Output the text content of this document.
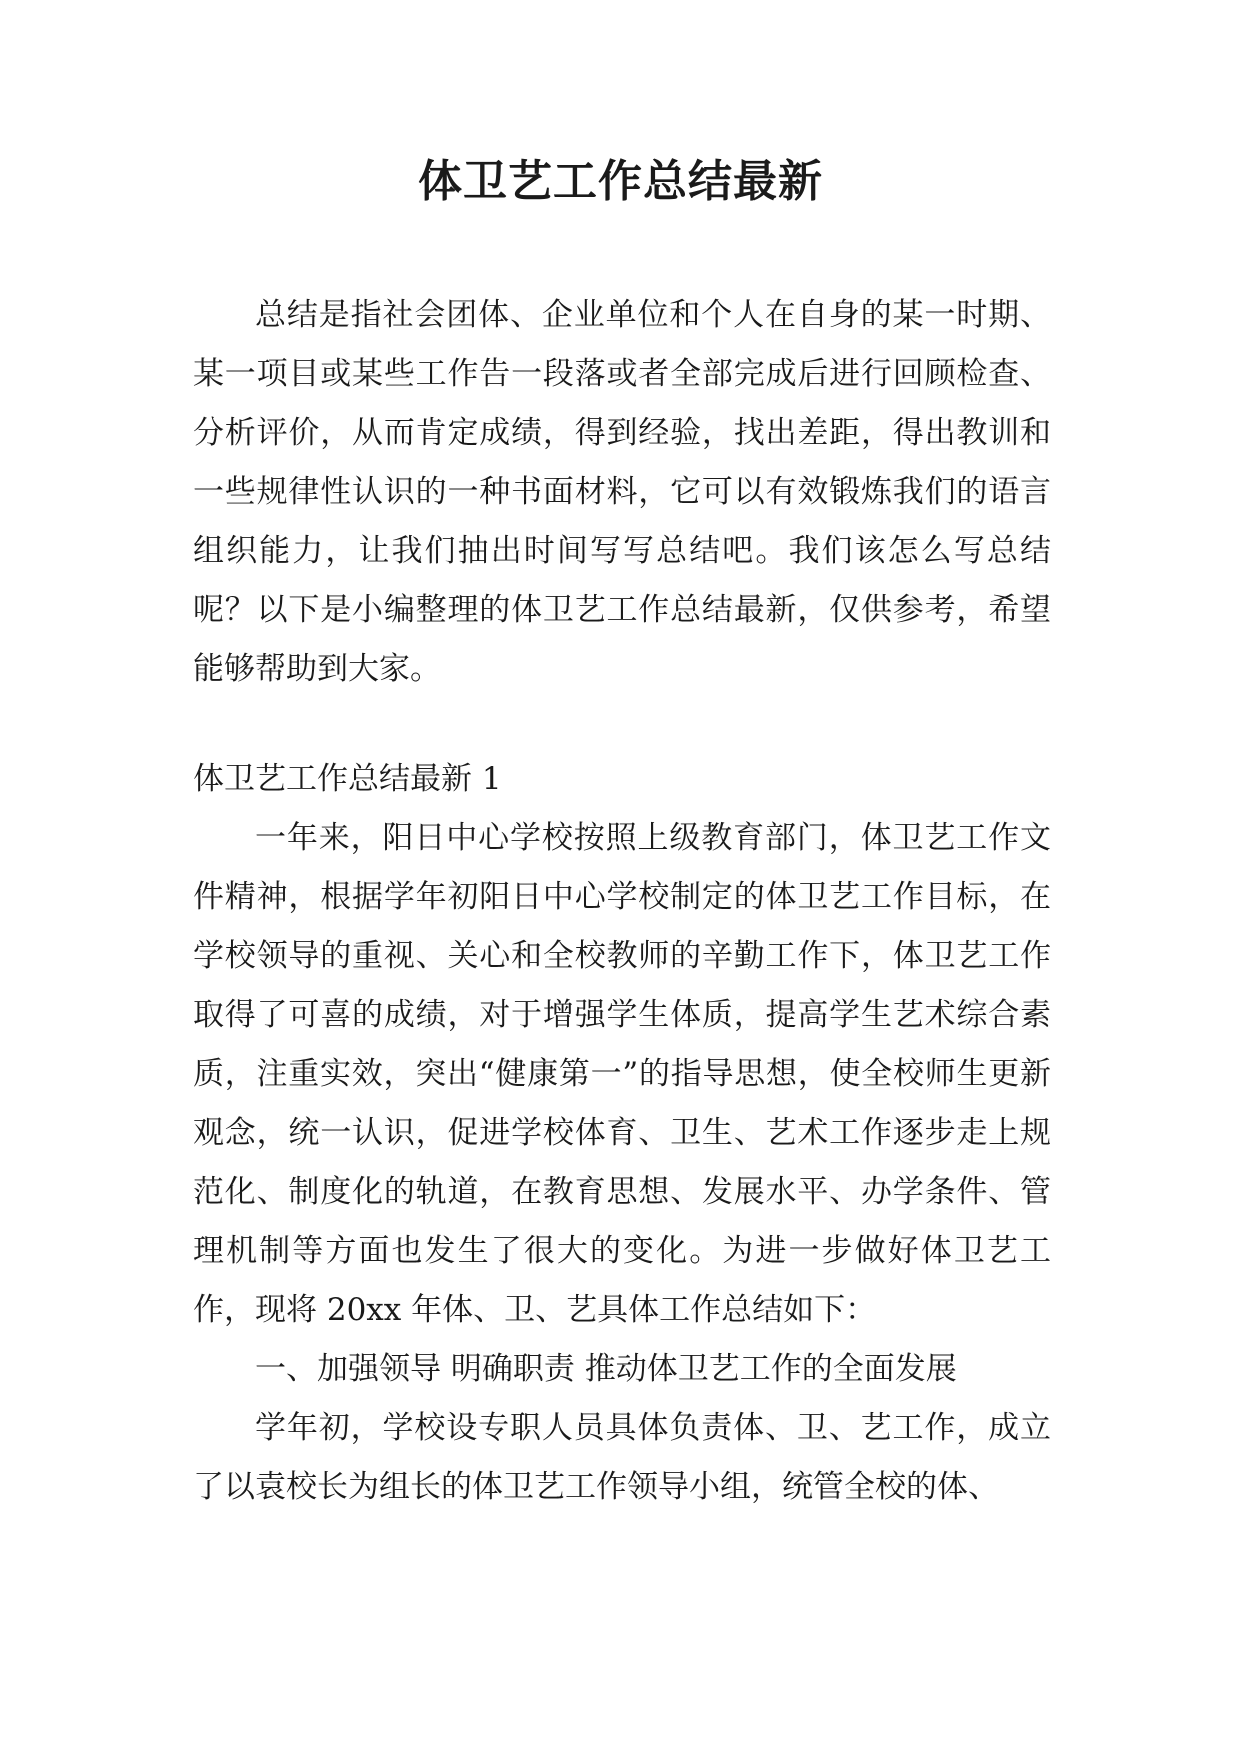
体卫艺工作总结最新

总结是指社会团体、企业单位和个人在自身的某一时期、某一项目或某些工作告一段落或者全部完成后进行回顾检查、分析评价，从而肯定成绩，得到经验，找出差距，得出教训和一些规律性认识的一种书面材料，它可以有效锻炼我们的语言组织能力，让我们抽出时间写写总结吧。我们该怎么写总结呢？以下是小编整理的体卫艺工作总结最新，仅供参考，希望能够帮助到大家。

体卫艺工作总结最新 1

一年来，阳日中心学校按照上级教育部门，体卫艺工作文件精神，根据学年初阳日中心学校制定的体卫艺工作目标，在学校领导的重视、关心和全校教师的辛勤工作下，体卫艺工作取得了可喜的成绩，对于增强学生体质，提高学生艺术综合素质，注重实效，突出“健康第一”的指导思想，使全校师生更新观念，统一认识，促进学校体育、卫生、艺术工作逐步走上规范化、制度化的轨道，在教育思想、发展水平、办学条件、管理机制等方面也发生了很大的变化。为进一步做好体卫艺工作，现将 20xx 年体、卫、艺具体工作总结如下：

一、加强领导 明确职责 推动体卫艺工作的全面发展

学年初，学校设专职人员具体负责体、卫、艺工作，成立了以袁校长为组长的体卫艺工作领导小组，统管全校的体、
